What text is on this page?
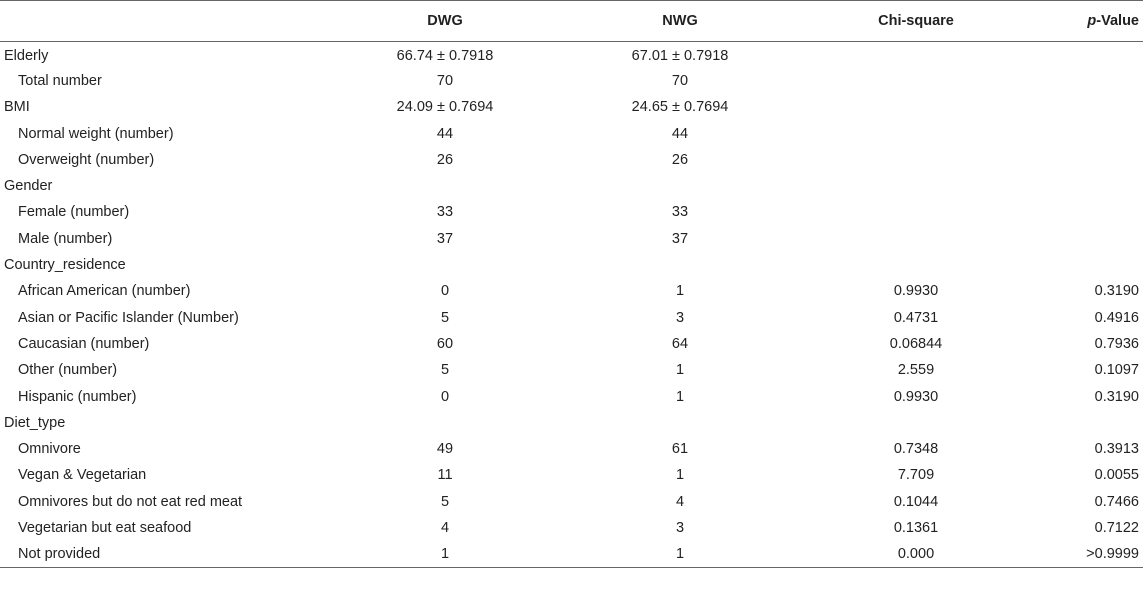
	DWG	NWG	Chi-square	p-Value
Elderly	66.74 ± 0.7918	67.01 ± 0.7918		
Total number	70	70		
BMI	24.09 ± 0.7694	24.65 ± 0.7694		
Normal weight (number)	44	44		
Overweight (number)	26	26		
Gender				
Female (number)	33	33		
Male (number)	37	37		
Country_residence				
African American (number)	0	1	0.9930	0.3190
Asian or Pacific Islander (Number)	5	3	0.4731	0.4916
Caucasian (number)	60	64	0.06844	0.7936
Other (number)	5	1	2.559	0.1097
Hispanic (number)	0	1	0.9930	0.3190
Diet_type				
Omnivore	49	61	0.7348	0.3913
Vegan & Vegetarian	11	1	7.709	0.0055
Omnivores but do not eat red meat	5	4	0.1044	0.7466
Vegetarian but eat seafood	4	3	0.1361	0.7122
Not provided	1	1	0.000	>0.9999
